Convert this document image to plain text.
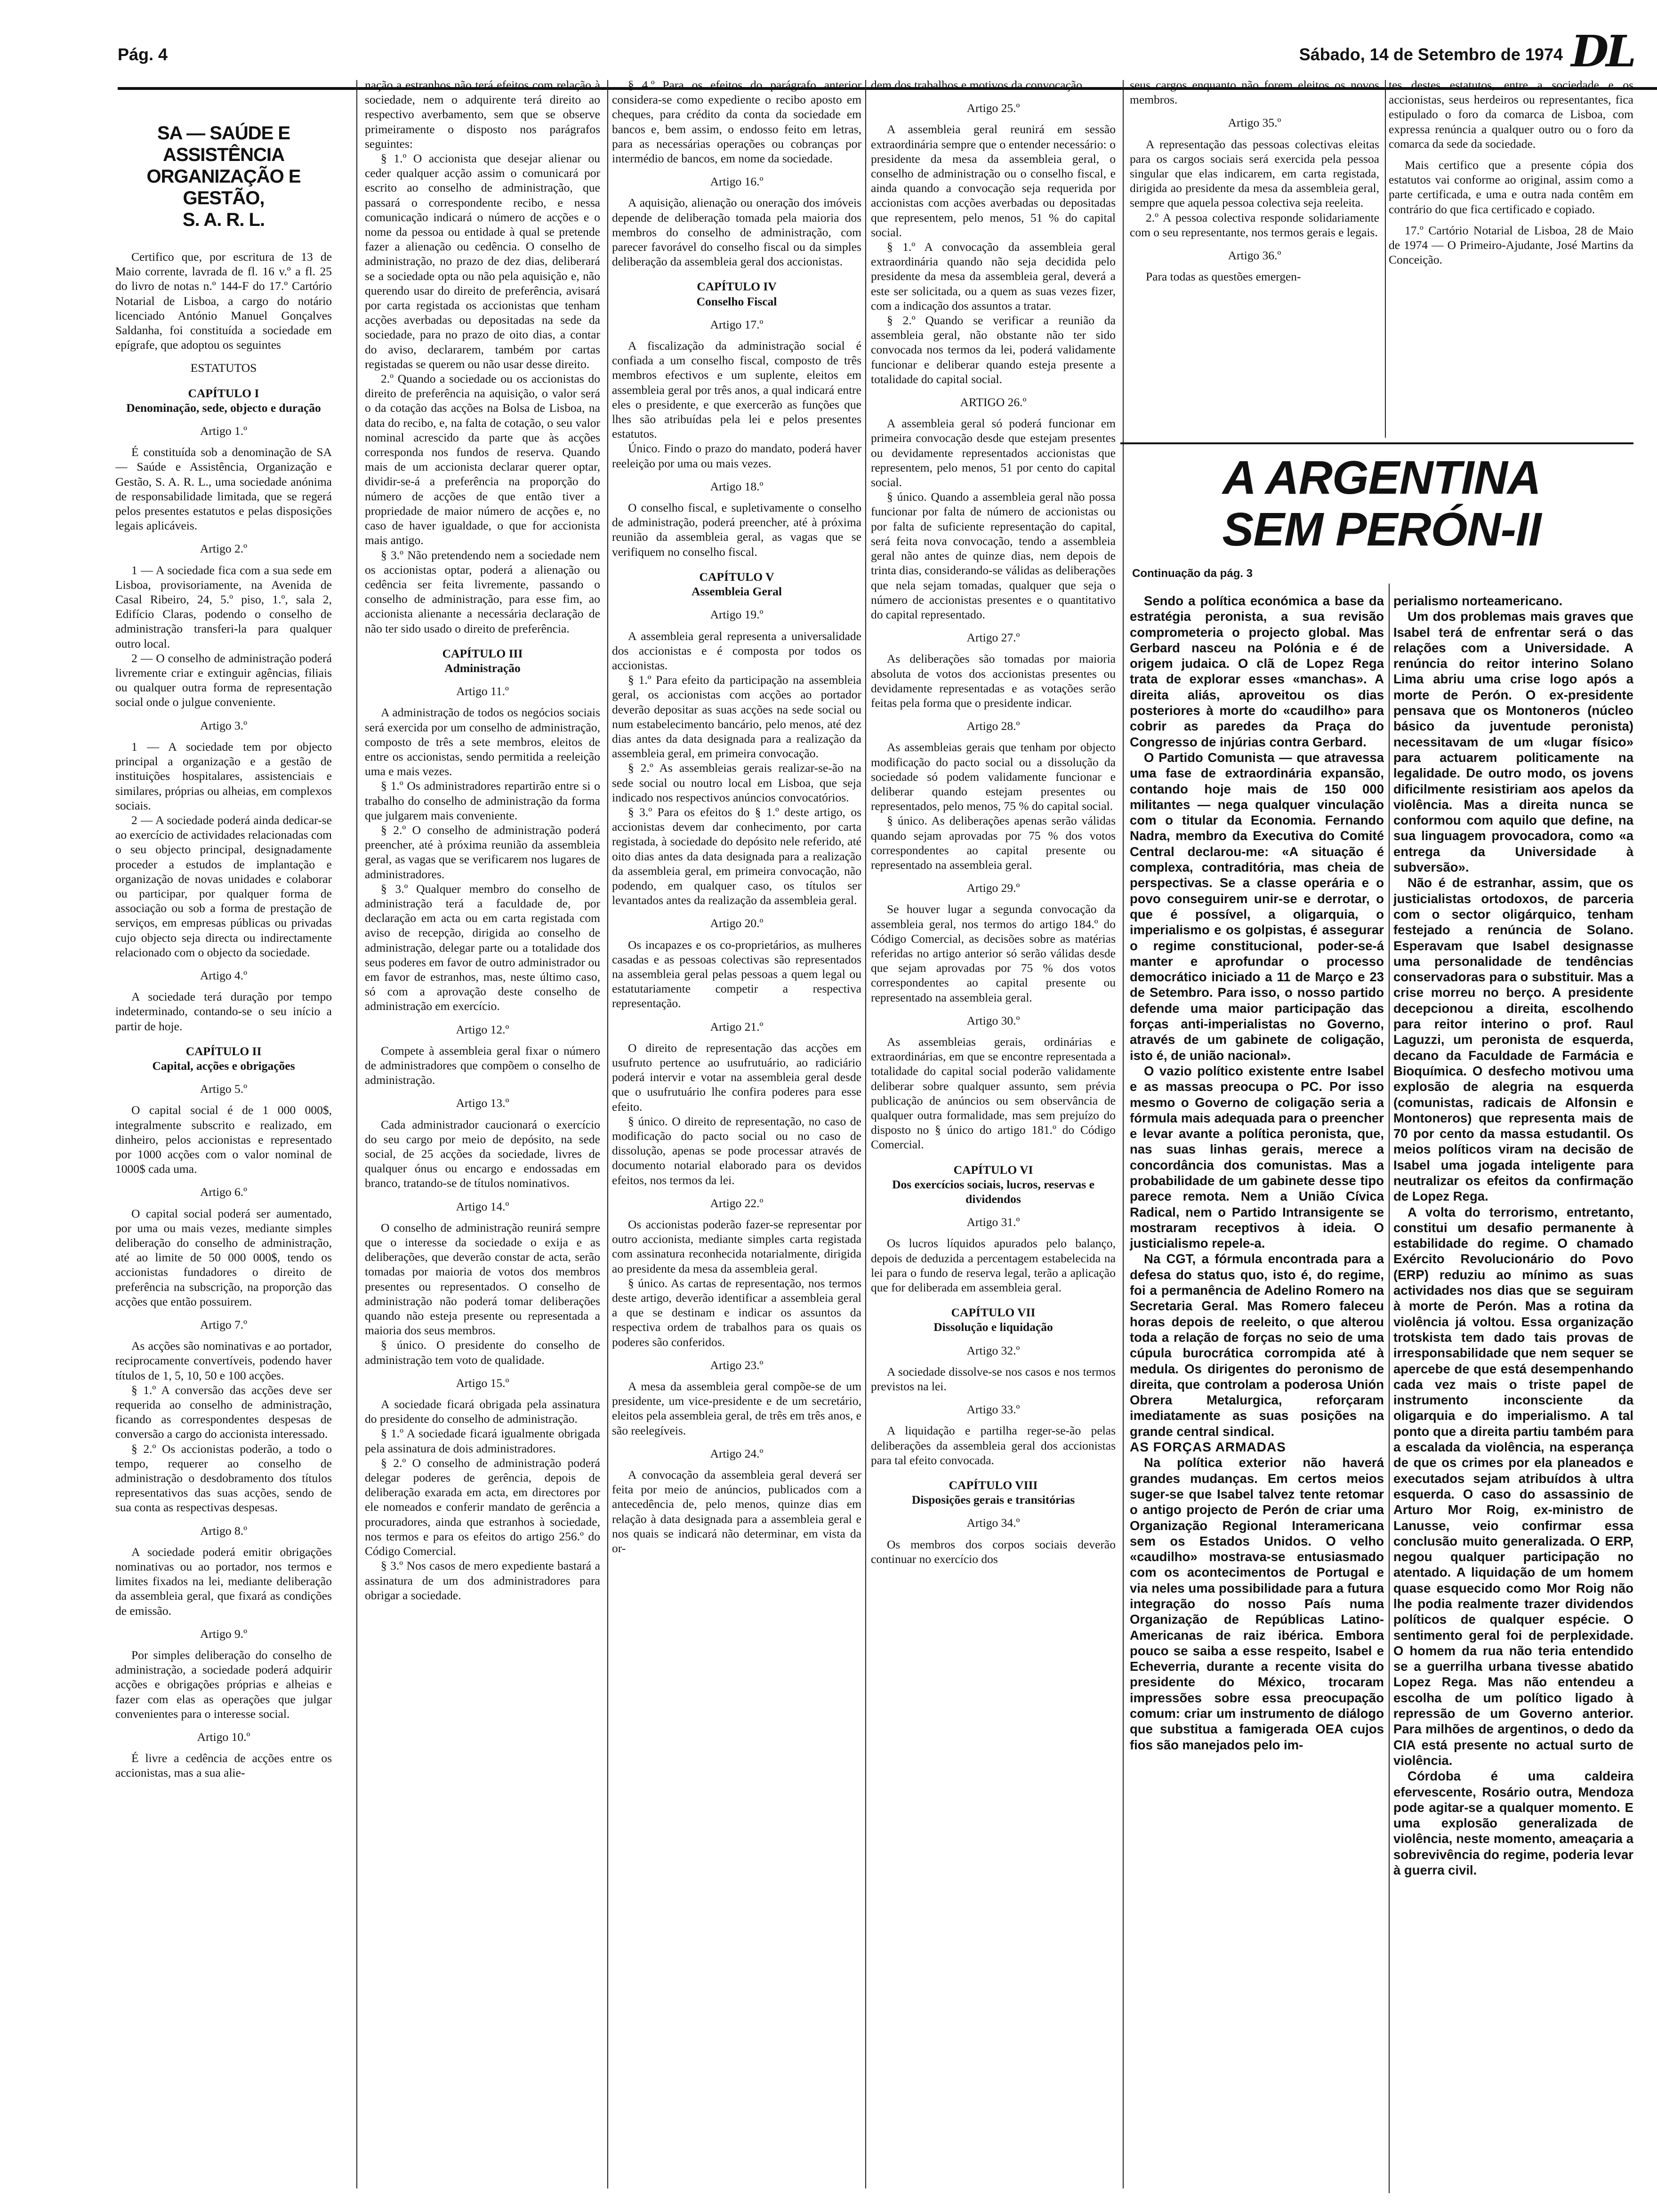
Pág. 4	Sábado, 14 de Setembro de 1974 DL
SA — SAÚDE E ASSISTÊNCIA
ORGANIZAÇÃO E GESTÃO,
S. A. R. L.

Certifico que, por escritura de 13 de Maio corrente, lavrada de fl. 16 v.º a fl. 25 do livro de notas n.º 144-F do 17.º Cartório Notarial de Lisboa, a cargo do notário licenciado António Manuel Gonçalves Saldanha, foi constituída a sociedade em epígrafe, que adoptou os seguintes

ESTATUTOS

CAPÍTULO I

Denominação, sede, objecto e duração

Artigo 1.º

É constituída sob a denominação de SA — Saúde e Assistência, Organização e Gestão, S. A. R. L., uma sociedade anónima de responsabilidade limitada, que se regerá pelos presentes estatutos e pelas disposições legais aplicáveis.

Artigo 2.º

1 — A sociedade fica com a sua sede em Lisboa, provisoriamente, na Avenida de Casal Ribeiro, 24, 5.º piso, 1.º, sala 2, Edifício Claras, podendo o conselho de administração transferi-la para qualquer outro local.

2 — O conselho de administração poderá livremente criar e extinguir agências, filiais ou qualquer outra forma de representação social onde o julgue conveniente.

Artigo 3.º

1 — A sociedade tem por objecto principal a organização e a gestão de instituições hospitalares, assistenciais e similares, próprias ou alheias, em complexos sociais.

2 — A sociedade poderá ainda dedicar-se ao exercício de actividades relacionadas com o seu objecto principal, designadamente proceder a estudos de implantação e organização de novas unidades e colaborar ou participar, por qualquer forma de associação ou sob a forma de prestação de serviços, em empresas públicas ou privadas cujo objecto seja directa ou indirectamente relacionado com o objecto da sociedade.

Artigo 4.º

A sociedade terá duração por tempo indeterminado, contando-se o seu início a partir de hoje.

CAPÍTULO II

Capital, acções e obrigações

Artigo 5.º

O capital social é de 1 000 000$, integralmente subscrito e realizado, em dinheiro, pelos accionistas e representado por 1000 acções com o valor nominal de 1000$ cada uma.

Artigo 6.º

O capital social poderá ser aumentado, por uma ou mais vezes, mediante simples deliberação do conselho de administração, até ao limite de 50 000 000$, tendo os accionistas fundadores o direito de preferência na subscrição, na proporção das acções que então possuirem.

Artigo 7.º

As acções são nominativas e ao portador, reciprocamente convertíveis, podendo haver títulos de 1, 5, 10, 50 e 100 acções.

§ 1.º A conversão das acções deve ser requerida ao conselho de administração, ficando as correspondentes despesas de conversão a cargo do accionista interessado.

§ 2.º Os accionistas poderão, a todo o tempo, requerer ao conselho de administração o desdobramento dos títulos representativos das suas acções, sendo de sua conta as respectivas despesas.

Artigo 8.º

A sociedade poderá emitir obrigações nominativas ou ao portador, nos termos e limites fixados na lei, mediante deliberação da assembleia geral, que fixará as condições de emissão.

Artigo 9.º

Por simples deliberação do conselho de administração, a sociedade poderá adquirir acções e obrigações próprias e alheias e fazer com elas as operações que julgar convenientes para o interesse social.

Artigo 10.º

É livre a cedência de acções entre os accionistas, mas a sua alie-

nação a estranhos não terá efeitos com relação à sociedade, nem o adquirente terá direito ao respectivo averbamento, sem que se observe primeiramente o disposto nos parágrafos seguintes:

§ 1.º O accionista que desejar alienar ou ceder qualquer acção assim o comunicará por escrito ao conselho de administração, que passará o correspondente recibo, e nessa comunicação indicará o número de acções e o nome da pessoa ou entidade à qual se pretende fazer a alienação ou cedência. O conselho de administração, no prazo de dez dias, deliberará se a sociedade opta ou não pela aquisição e, não querendo usar do direito de preferência, avisará por carta registada os accionistas que tenham acções averbadas ou depositadas na sede da sociedade, para no prazo de oito dias, a contar do aviso, declararem, também por cartas registadas se querem ou não usar desse direito.

2.º Quando a sociedade ou os accionistas do direito de preferência na aquisição, o valor será o da cotação das acções na Bolsa de Lisboa, na data do recibo, e, na falta de cotação, o seu valor nominal acrescido da parte que às acções corresponda nos fundos de reserva. Quando mais de um accionista declarar querer optar, dividir-se-á a preferência na proporção do número de acções de que então tiver a propriedade de maior número de acções e, no caso de haver igualdade, o que for accionista mais antigo.

§ 3.º Não pretendendo nem a sociedade nem os accionistas optar, poderá a alienação ou cedência ser feita livremente, passando o conselho de administração, para esse fim, ao accionista alienante a necessária declaração de não ter sido usado o direito de preferência.

CAPÍTULO III

Administração

Artigo 11.º

A administração de todos os negócios sociais será exercida por um conselho de administração, composto de três a sete membros, eleitos de entre os accionistas, sendo permitida a reeleição uma e mais vezes.

§ 1.º Os administradores repartirão entre si o trabalho do conselho de administração da forma que julgarem mais conveniente.

§ 2.º O conselho de administração poderá preencher, até à próxima reunião da assembleia geral, as vagas que se verificarem nos lugares de administradores.

§ 3.º Qualquer membro do conselho de administração terá a faculdade de, por declaração em acta ou em carta registada com aviso de recepção, dirigida ao conselho de administração, delegar parte ou a totalidade dos seus poderes em favor de outro administrador ou em favor de estranhos, mas, neste último caso, só com a aprovação deste conselho de administração em exercício.

Artigo 12.º

Compete à assembleia geral fixar o número de administradores que compõem o conselho de administração.

Artigo 13.º

Cada administrador caucionará o exercício do seu cargo por meio de depósito, na sede social, de 25 acções da sociedade, livres de qualquer ónus ou encargo e endossadas em branco, tratando-se de títulos nominativos.

Artigo 14.º

O conselho de administração reunirá sempre que o interesse da sociedade o exija e as deliberações, que deverão constar de acta, serão tomadas por maioria de votos dos membros presentes ou representados. O conselho de administração não poderá tomar deliberações quando não esteja presente ou representada a maioria dos seus membros.

§ único. O presidente do conselho de administração tem voto de qualidade.

Artigo 15.º

A sociedade ficará obrigada pela assinatura do presidente do conselho de administração.

§ 1.º A sociedade ficará igualmente obrigada pela assinatura de dois administradores.

§ 2.º O conselho de administração poderá delegar poderes de gerência, depois de deliberação exarada em acta, em directores por ele nomeados e conferir mandato de gerência a procuradores, ainda que estranhos à sociedade, nos termos e para os efeitos do artigo 256.º do Código Comercial.

§ 3.º Nos casos de mero expediente bastará a assinatura de um dos administradores para obrigar a sociedade.

§ 4.º Para os efeitos do parágrafo anterior considera-se como expediente o recibo aposto em cheques, para crédito da conta da sociedade em bancos e, bem assim, o endosso feito em letras, para as necessárias operações ou cobranças por intermédio de bancos, em nome da sociedade.

Artigo 16.º

A aquisição, alienação ou oneração dos imóveis depende de deliberação tomada pela maioria dos membros do conselho de administração, com parecer favorável do conselho fiscal ou da simples deliberação da assembleia geral dos accionistas.

CAPÍTULO IV

Conselho Fiscal

Artigo 17.º

A fiscalização da administração social é confiada a um conselho fiscal, composto de três membros efectivos e um suplente, eleitos em assembleia geral por três anos, a qual indicará entre eles o presidente, e que exercerão as funções que lhes são atribuídas pela lei e pelos presentes estatutos.

Único. Findo o prazo do mandato, poderá haver reeleição por uma ou mais vezes.

Artigo 18.º

O conselho fiscal, e supletivamente o conselho de administração, poderá preencher, até à próxima reunião da assembleia geral, as vagas que se verifiquem no conselho fiscal.

CAPÍTULO V

Assembleia Geral

Artigo 19.º

A assembleia geral representa a universalidade dos accionistas e é composta por todos os accionistas.

§ 1.º Para efeito da participação na assembleia geral, os accionistas com acções ao portador deverão depositar as suas acções na sede social ou num estabelecimento bancário, pelo menos, até dez dias antes da data designada para a realização da assembleia geral, em primeira convocação.

§ 2.º As assembleias gerais realizar-se-ão na sede social ou noutro local em Lisboa, que seja indicado nos respectivos anúncios convocatórios.

§ 3.º Para os efeitos do § 1.º deste artigo, os accionistas devem dar conhecimento, por carta registada, à sociedade do depósito nele referido, até oito dias antes da data designada para a realização da assembleia geral, em primeira convocação, não podendo, em qualquer caso, os títulos ser levantados antes da realização da assembleia geral.

Artigo 20.º

Os incapazes e os co-proprietários, as mulheres casadas e as pessoas colectivas são representados na assembleia geral pelas pessoas a quem legal ou estatutariamente competir a respectiva representação.

Artigo 21.º

O direito de representação das acções em usufruto pertence ao usufrutuário, ao radiciário poderá intervir e votar na assembleia geral desde que o usufrutuário lhe confira poderes para esse efeito.

§ único. O direito de representação, no caso de modificação do pacto social ou no caso de dissolução, apenas se pode processar através de documento notarial elaborado para os devidos efeitos, nos termos da lei.

Artigo 22.º

Os accionistas poderão fazer-se representar por outro accionista, mediante simples carta registada com assinatura reconhecida notarialmente, dirigida ao presidente da mesa da assembleia geral.

§ único. As cartas de representação, nos termos deste artigo, deverão identificar a assembleia geral a que se destinam e indicar os assuntos da respectiva ordem de trabalhos para os quais os poderes são conferidos.

Artigo 23.º

A mesa da assembleia geral compõe-se de um presidente, um vice-presidente e de um secretário, eleitos pela assembleia geral, de três em três anos, e são reelegíveis.

Artigo 24.º

A convocação da assembleia geral deverá ser feita por meio de anúncios, publicados com a antecedência de, pelo menos, quinze dias em relação à data designada para a assembleia geral e nos quais se indicará não determinar, em vista da or-

dem dos trabalhos e motivos da convocação.

Artigo 25.º

A assembleia geral reunirá em sessão extraordinária sempre que o entender necessário: o presidente da mesa da assembleia geral, o conselho de administração ou o conselho fiscal, e ainda quando a convocação seja requerida por accionistas com acções averbadas ou depositadas que representem, pelo menos, 51 % do capital social.

§ 1.º A convocação da assembleia geral extraordinária quando não seja decidida pelo presidente da mesa da assembleia geral, deverá a este ser solicitada, ou a quem as suas vezes fizer, com a indicação dos assuntos a tratar.

§ 2.º Quando se verificar a reunião da assembleia geral, não obstante não ter sido convocada nos termos da lei, poderá validamente funcionar e deliberar quando esteja presente a totalidade do capital social.

ARTIGO 26.º

A assembleia geral só poderá funcionar em primeira convocação desde que estejam presentes ou devidamente representados accionistas que representem, pelo menos, 51 por cento do capital social.

§ único. Quando a assembleia geral não possa funcionar por falta de número de accionistas ou por falta de suficiente representação do capital, será feita nova convocação, tendo a assembleia geral não antes de quinze dias, nem depois de trinta dias, considerando-se válidas as deliberações que nela sejam tomadas, qualquer que seja o número de accionistas presentes e o quantitativo do capital representado.

Artigo 27.º

As deliberações são tomadas por maioria absoluta de votos dos accionistas presentes ou devidamente representadas e as votações serão feitas pela forma que o presidente indicar.

Artigo 28.º

As assembleias gerais que tenham por objecto modificação do pacto social ou a dissolução da sociedade só podem validamente funcionar e deliberar quando estejam presentes ou representados, pelo menos, 75 % do capital social.

§ único. As deliberações apenas serão válidas quando sejam aprovadas por 75 % dos votos correspondentes ao capital presente ou representado na assembleia geral.

Artigo 29.º

Se houver lugar a segunda convocação da assembleia geral, nos termos do artigo 184.º do Código Comercial, as decisões sobre as matérias referidas no artigo anterior só serão válidas desde que sejam aprovadas por 75 % dos votos correspondentes ao capital presente ou representado na assembleia geral.

Artigo 30.º

As assembleias gerais, ordinárias e extraordinárias, em que se encontre representada a totalidade do capital social poderão validamente deliberar sobre qualquer assunto, sem prévia publicação de anúncios ou sem observância de qualquer outra formalidade, mas sem prejuízo do disposto no § único do artigo 181.º do Código Comercial.

CAPÍTULO VI

Dos exercícios sociais, lucros, reservas e dividendos

Artigo 31.º

Os lucros líquidos apurados pelo balanço, depois de deduzida a percentagem estabelecida na lei para o fundo de reserva legal, terão a aplicação que for deliberada em assembleia geral.

CAPÍTULO VII

Dissolução e liquidação

Artigo 32.º

A sociedade dissolve-se nos casos e nos termos previstos na lei.

Artigo 33.º

A liquidação e partilha reger-se-ão pelas deliberações da assembleia geral dos accionistas para tal efeito convocada.

CAPÍTULO VIII

Disposições gerais e transitórias

Artigo 34.º

Os membros dos corpos sociais deverão continuar no exercício dos

seus cargos enquanto não forem eleitos os novos membros.

Artigo 35.º

A representação das pessoas colectivas eleitas para os cargos sociais será exercida pela pessoa singular que elas indicarem, em carta registada, dirigida ao presidente da mesa da assembleia geral, sempre que aquela pessoa colectiva seja reeleita.

2.º A pessoa colectiva responde solidariamente com o seu representante, nos termos gerais e legais.

Artigo 36.º

Para todas as questões emergen-

tes destes estatutos, entre a sociedade e os accionistas, seus herdeiros ou representantes, fica estipulado o foro da comarca de Lisboa, com expressa renúncia a qualquer outro ou o foro da comarca da sede da sociedade.

Mais certifico que a presente cópia dos estatutos vai conforme ao original, assim como a parte certificada, e uma e outra nada contêm em contrário do que fica certificado e copiado.

17.º Cartório Notarial de Lisboa, 28 de Maio de 1974 — O Primeiro-Ajudante, José Martins da Conceição.

A ARGENTINA
SEM PERÓN-II
Continuação da pág. 3

Sendo a política económica a base da estratégia peronista, a sua revisão comprometeria o projecto global. Mas Gerbard nasceu na Polónia e é de origem judaica. O clã de Lopez Rega trata de explorar esses «manchas». A direita aliás, aproveitou os dias posteriores à morte do «caudilho» para cobrir as paredes da Praça do Congresso de injúrias contra Gerbard.

O Partido Comunista — que atravessa uma fase de extraordinária expansão, contando hoje mais de 150 000 militantes — nega qualquer vinculação com o titular da Economia. Fernando Nadra, membro da Executiva do Comité Central declarou-me: «A situação é complexa, contraditória, mas cheia de perspectivas. Se a classe operária e o povo conseguirem unir-se e derrotar, o que é possível, a oligarquia, o imperialismo e os golpistas, é assegurar o regime constitucional, poder-se-á manter e aprofundar o processo democrático iniciado a 11 de Março e 23 de Setembro. Para isso, o nosso partido defende uma maior participação das forças anti-imperialistas no Governo, através de um gabinete de coligação, isto é, de união nacional».

O vazio político existente entre Isabel e as massas preocupa o PC. Por isso mesmo o Governo de coligação seria a fórmula mais adequada para o preencher e levar avante a política peronista, que, nas suas linhas gerais, merece a concordância dos comunistas. Mas a probabilidade de um gabinete desse tipo parece remota. Nem a União Cívica Radical, nem o Partido Intransigente se mostraram receptivos à ideia. O justicialismo repele-a.

Na CGT, a fórmula encontrada para a defesa do status quo, isto é, do regime, foi a permanência de Adelino Romero na Secretaria Geral. Mas Romero faleceu horas depois de reeleito, o que alterou toda a relação de forças no seio de uma cúpula burocrática corrompida até à medula. Os dirigentes do peronismo de direita, que controlam a poderosa Unión Obrera Metalurgica, reforçaram imediatamente as suas posições na grande central sindical.

AS FORÇAS ARMADAS

Na política exterior não haverá grandes mudanças. Em certos meios suger-se que Isabel talvez tente retomar o antigo projecto de Perón de criar uma Organização Regional Interamericana sem os Estados Unidos. O velho «caudilho» mostrava-se entusiasmado com os acontecimentos de Portugal e via neles uma possibilidade para a futura integração do nosso País numa Organização de Repúblicas Latino-Americanas de raiz ibérica. Embora pouco se saiba a esse respeito, Isabel e Echeverria, durante a recente visita do presidente do México, trocaram impressões sobre essa preocupação comum: criar um instrumento de diálogo que substitua a famigerada OEA cujos fios são manejados pelo im-

perialismo norteamericano.

Um dos problemas mais graves que Isabel terá de enfrentar será o das relações com a Universidade. A renúncia do reitor interino Solano Lima abriu uma crise logo após a morte de Perón. O ex-presidente pensava que os Montoneros (núcleo básico da juventude peronista) necessitavam de um «lugar físico» para actuarem politicamente na legalidade. De outro modo, os jovens dificilmente resistiriam aos apelos da violência. Mas a direita nunca se conformou com aquilo que define, na sua linguagem provocadora, como «a entrega da Universidade à subversão».

Não é de estranhar, assim, que os justicialistas ortodoxos, de parceria com o sector oligárquico, tenham festejado a renúncia de Solano. Esperavam que Isabel designasse uma personalidade de tendências conservadoras para o substituir. Mas a crise morreu no berço. A presidente decepcionou a direita, escolhendo para reitor interino o prof. Raul Laguzzi, um peronista de esquerda, decano da Faculdade de Farmácia e Bioquímica. O desfecho motivou uma explosão de alegria na esquerda (comunistas, radicais de Alfonsin e Montoneros) que representa mais de 70 por cento da massa estudantil. Os meios políticos viram na decisão de Isabel uma jogada inteligente para neutralizar os efeitos da confirmação de Lopez Rega.

A volta do terrorismo, entretanto, constitui um desafio permanente à estabilidade do regime. O chamado Exército Revolucionário do Povo (ERP) reduziu ao mínimo as suas actividades nos dias que se seguiram à morte de Perón. Mas a rotina da violência já voltou. Essa organização trotskista tem dado tais provas de irresponsabilidade que nem sequer se apercebe de que está desempenhando cada vez mais o triste papel de instrumento inconsciente da oligarquia e do imperialismo. A tal ponto que a direita partiu também para a escalada da violência, na esperança de que os crimes por ela planeados e executados sejam atribuídos à ultra esquerda. O caso do assassinio de Arturo Mor Roig, ex-ministro de Lanusse, veio confirmar essa conclusão muito generalizada. O ERP, negou qualquer participação no atentado. A liquidação de um homem quase esquecido como Mor Roig não lhe podia realmente trazer dividendos políticos de qualquer espécie. O sentimento geral foi de perplexidade. O homem da rua não teria entendido se a guerrilha urbana tivesse abatido Lopez Rega. Mas não entendeu a escolha de um político ligado à repressão de um Governo anterior. Para milhões de argentinos, o dedo da CIA está presente no actual surto de violência.

Córdoba é uma caldeira efervescente, Rosário outra, Mendoza pode agitar-se a qualquer momento. E uma explosão generalizada de violência, neste momento, ameaçaria a sobrevivência do regime, poderia levar à guerra civil.
